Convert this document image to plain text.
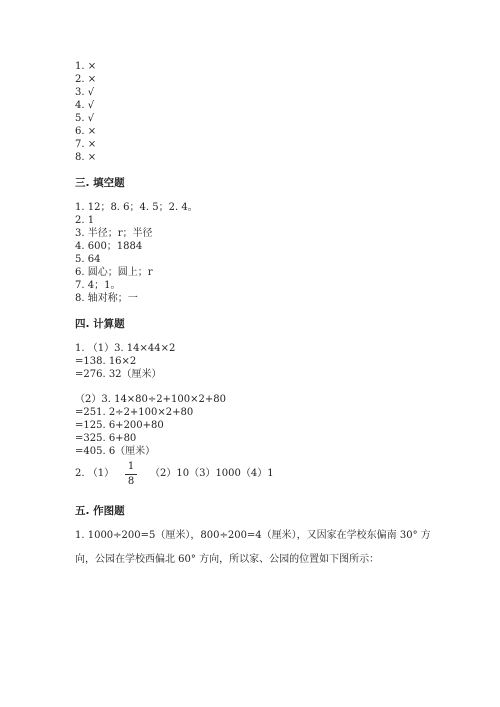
1. ×
2. ×
3. √
4. √
5. √
6. ×
7. ×
8. ×
三. 填空题
1. 12；8. 6；4. 5；2. 4。
2. 1
3. 半径；r；半径
4. 600；1884
5. 64
6. 圆心；圆上；r
7. 4；1。
8. 轴对称；一
四. 计算题
1. （1）3. 14×44×2
=138. 16×2
=276. 32（厘米）
（2）3. 14×80÷2+100×2+80
=251. 2÷2+100×2+80
=125. 6+200+80
=325. 6+80
=405. 6（厘米）
2. （1）
1
8
（2）10（3）1000（4）1
五. 作图题
1. 1000÷200=5（厘米），800÷200=4（厘米），又因家在学校东偏南 30° 方
向，公园在学校西偏北 60° 方向，所以家、公园的位置如下图所示：
